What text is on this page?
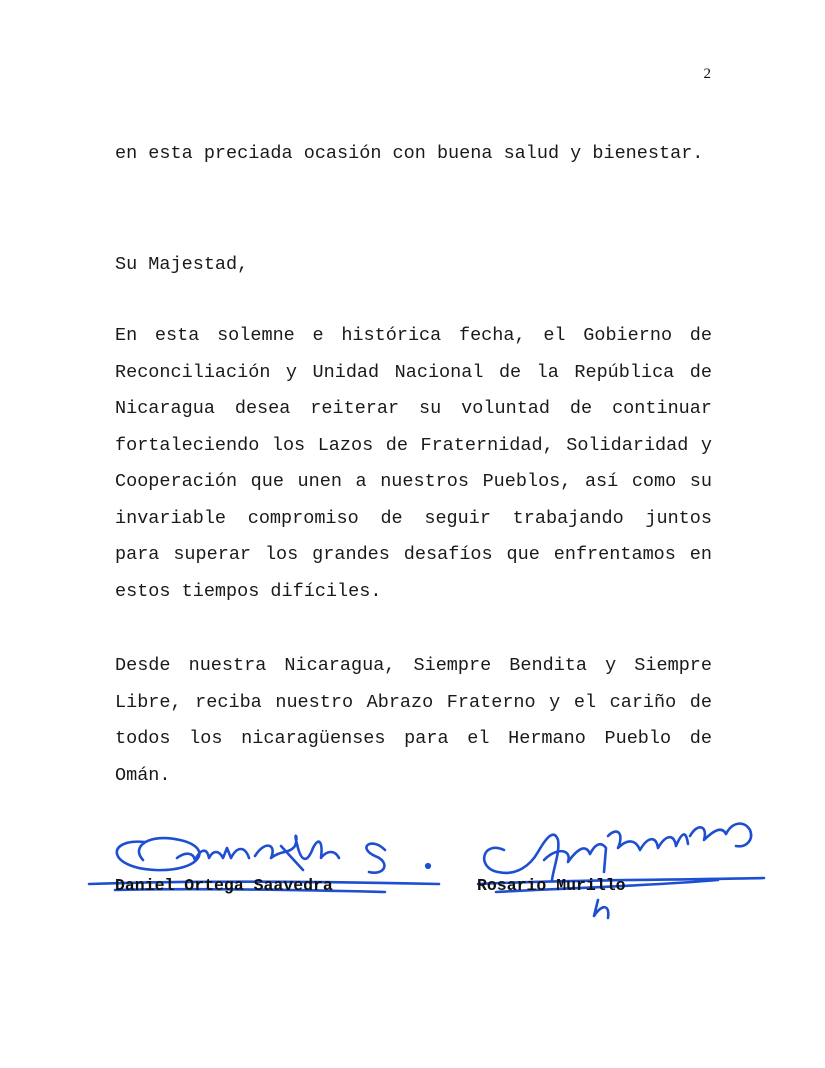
2

en esta preciada ocasión con buena salud y bienestar.

Su Majestad,

En esta solemne e histórica fecha, el Gobierno de Reconciliación y Unidad Nacional de la República de Nicaragua desea reiterar su voluntad de continuar fortaleciendo los Lazos de Fraternidad, Solidaridad y Cooperación que unen a nuestros Pueblos, así como su invariable compromiso de seguir trabajando juntos para superar los grandes desafíos que enfrentamos en estos tiempos difíciles.

Desde nuestra Nicaragua, Siempre Bendita y Siempre Libre, reciba nuestro Abrazo Fraterno y el cariño de todos los nicaragüenses para el Hermano Pueblo de Omán.

Daniel Ortega Saavedra	Rosario Murillo
